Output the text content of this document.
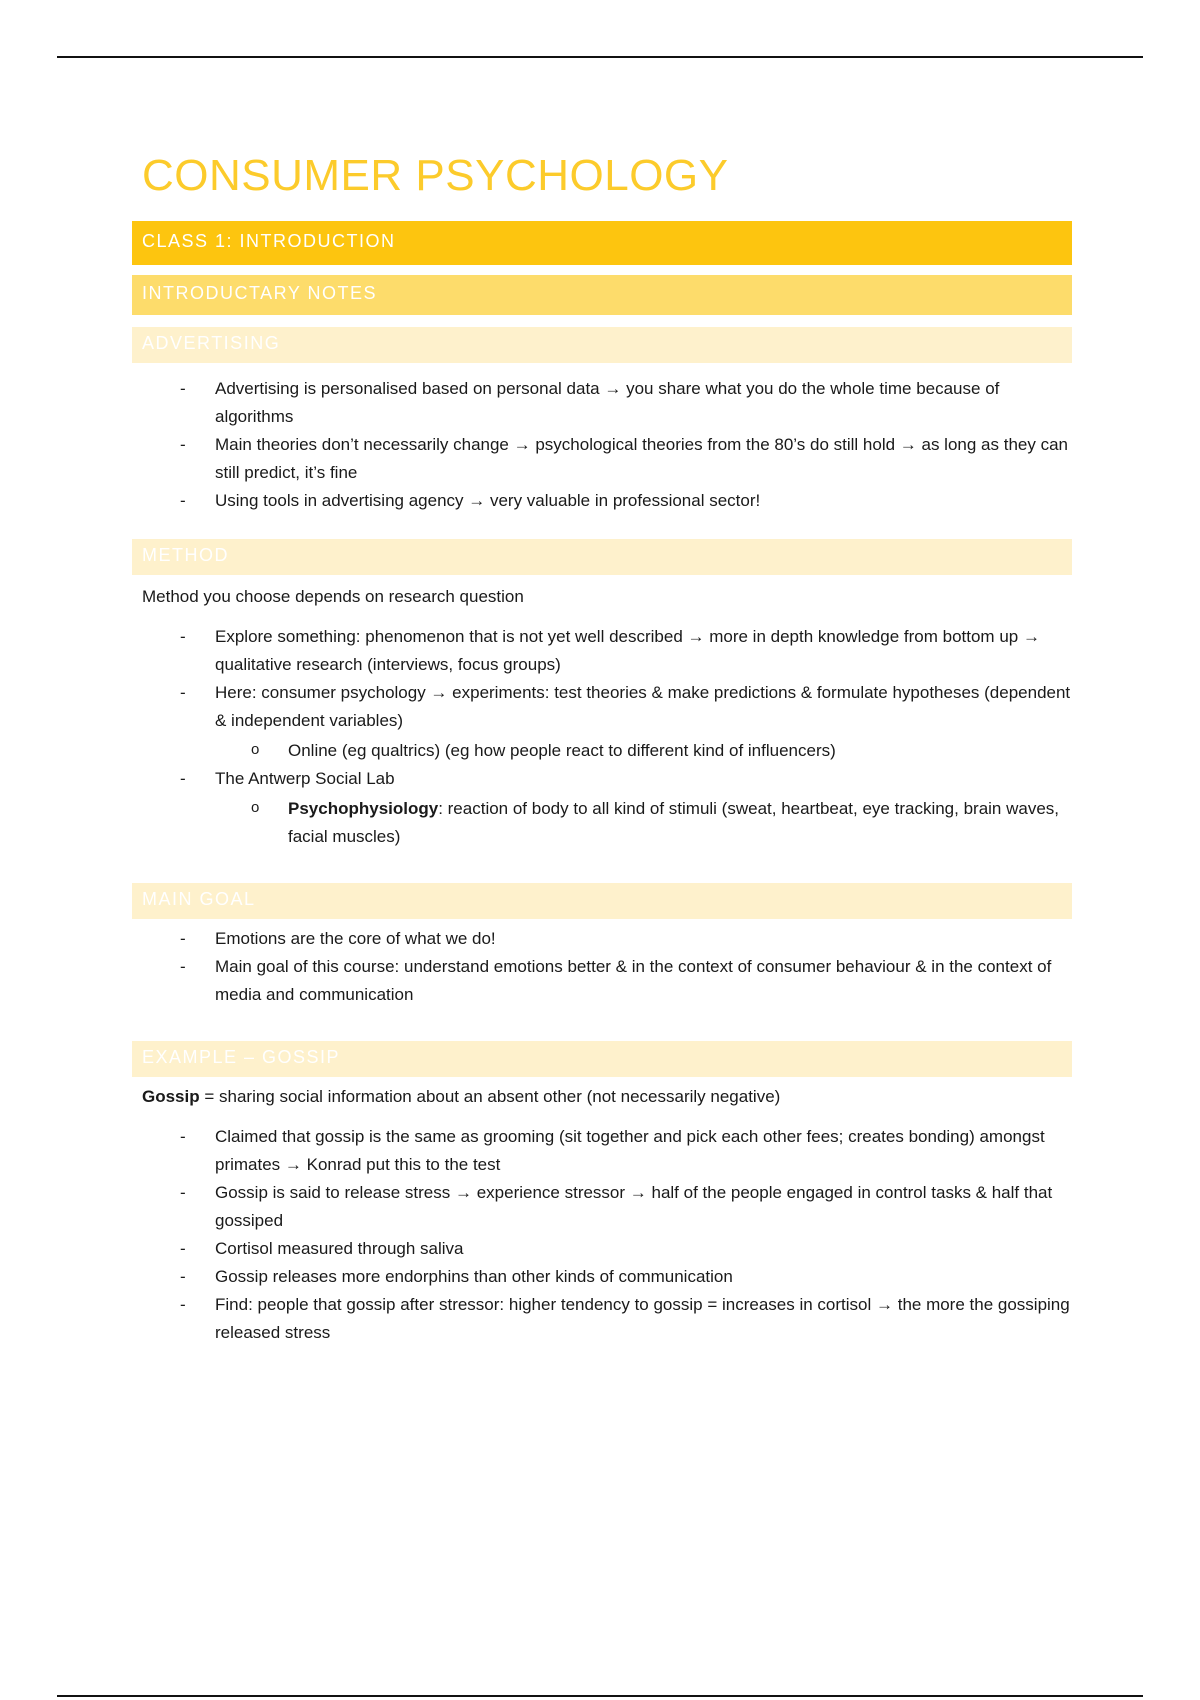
CONSUMER PSYCHOLOGY
CLASS 1: INTRODUCTION
INTRODUCTARY NOTES
ADVERTISING
- Advertising is personalised based on personal data → you share what you do the whole time because of algorithms
- Main theories don’t necessarily change → psychological theories from the 80’s do still hold → as long as they can still predict, it’s fine
- Using tools in advertising agency → very valuable in professional sector!
METHOD
Method you choose depends on research question
- Explore something: phenomenon that is not yet well described → more in depth knowledge from bottom up → qualitative research (interviews, focus groups)
- Here: consumer psychology → experiments: test theories & make predictions & formulate hypotheses (dependent & independent variables)
o Online (eg qualtrics) (eg how people react to different kind of influencers)
- The Antwerp Social Lab
o Psychophysiology: reaction of body to all kind of stimuli (sweat, heartbeat, eye tracking, brain waves, facial muscles)
MAIN GOAL
- Emotions are the core of what we do!
- Main goal of this course: understand emotions better & in the context of consumer behaviour & in the context of media and communication
EXAMPLE – GOSSIP
Gossip = sharing social information about an absent other (not necessarily negative)
- Claimed that gossip is the same as grooming (sit together and pick each other fees; creates bonding) amongst primates → Konrad put this to the test
- Gossip is said to release stress → experience stressor → half of the people engaged in control tasks & half that gossiped
- Cortisol measured through saliva
- Gossip releases more endorphins than other kinds of communication
- Find: people that gossip after stressor: higher tendency to gossip = increases in cortisol → the more the gossiping released stress
